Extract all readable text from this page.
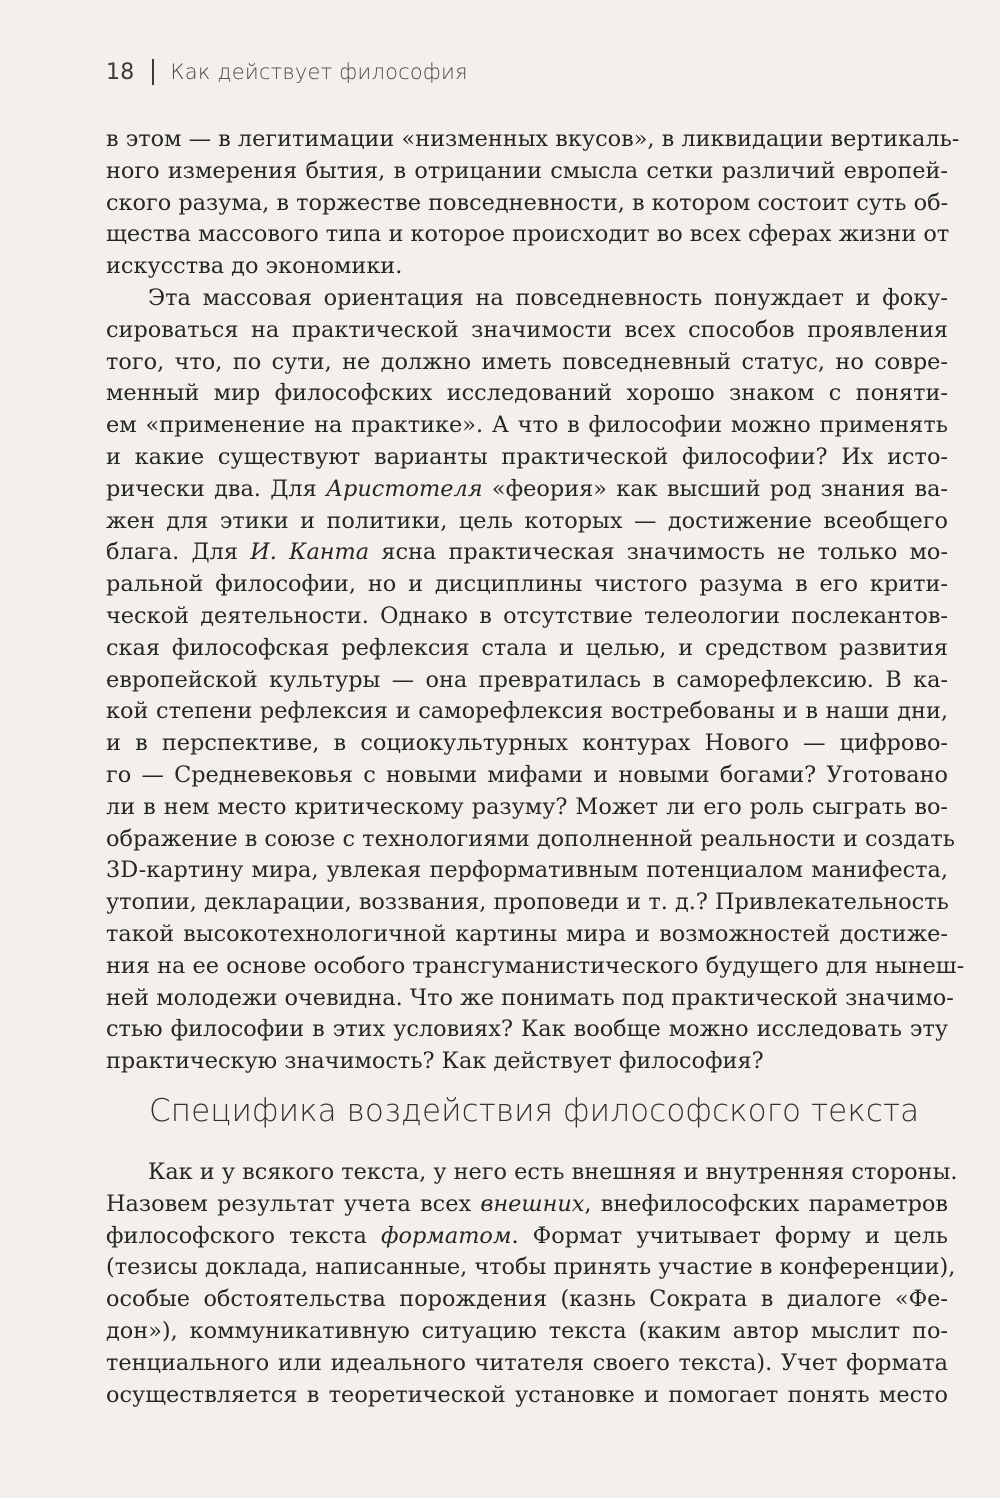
18 Как действует философия
в этом — в легитимации «низменных вкусов», в ликвидации вертикаль-
ного измерения бытия, в отрицании смысла сетки различий европей-
ского разума, в торжестве повседневности, в котором состоит суть об-
щества массового типа и которое происходит во всех сферах жизни от
искусства до экономики.
Эта массовая ориентация на повседневность понуждает и фоку-
сироваться на практической значимости всех способов проявления
того, что, по сути, не должно иметь повседневный статус, но совре-
менный мир философских исследований хорошо знаком с поняти-
ем «применение на практике». А что в философии можно применять
и какие существуют варианты практической философии? Их исто-
рически два. Для Аристотеля «феория» как высший род знания ва-
жен для этики и политики, цель которых — достижение всеобщего
блага. Для И. Канта ясна практическая значимость не только мо-
ральной философии, но и дисциплины чистого разума в его крити-
ческой деятельности. Однако в отсутствие телеологии послекантов-
ская философская рефлексия стала и целью, и средством развития
европейской культуры — она превратилась в саморефлексию. В ка-
кой степени рефлексия и саморефлексия востребованы и в наши дни,
и в перспективе, в социокультурных контурах Нового — цифрово-
го — Средневековья с новыми мифами и новыми богами? Уготовано
ли в нем место критическому разуму? Может ли его роль сыграть во-
ображение в союзе с технологиями дополненной реальности и создать
3D-картину мира, увлекая перформативным потенциалом манифеста,
утопии, декларации, воззвания, проповеди и т. д.? Привлекательность
такой высокотехнологичной картины мира и возможностей достиже-
ния на ее основе особого трансгуманистического будущего для нынеш-
ней молодежи очевидна. Что же понимать под практической значимо-
стью философии в этих условиях? Как вообще можно исследовать эту
практическую значимость? Как действует философия?
Специфика воздействия философского текста
Как и у всякого текста, у него есть внешняя и внутренняя стороны.
Назовем результат учета всех внешних, внефилософских параметров
философского текста форматом. Формат учитывает форму и цель
(тезисы доклада, написанные, чтобы принять участие в конференции),
особые обстоятельства порождения (казнь Сократа в диалоге «Фе-
дон»), коммуникативную ситуацию текста (каким автор мыслит по-
тенциального или идеального читателя своего текста). Учет формата
осуществляется в теоретической установке и помогает понять место
